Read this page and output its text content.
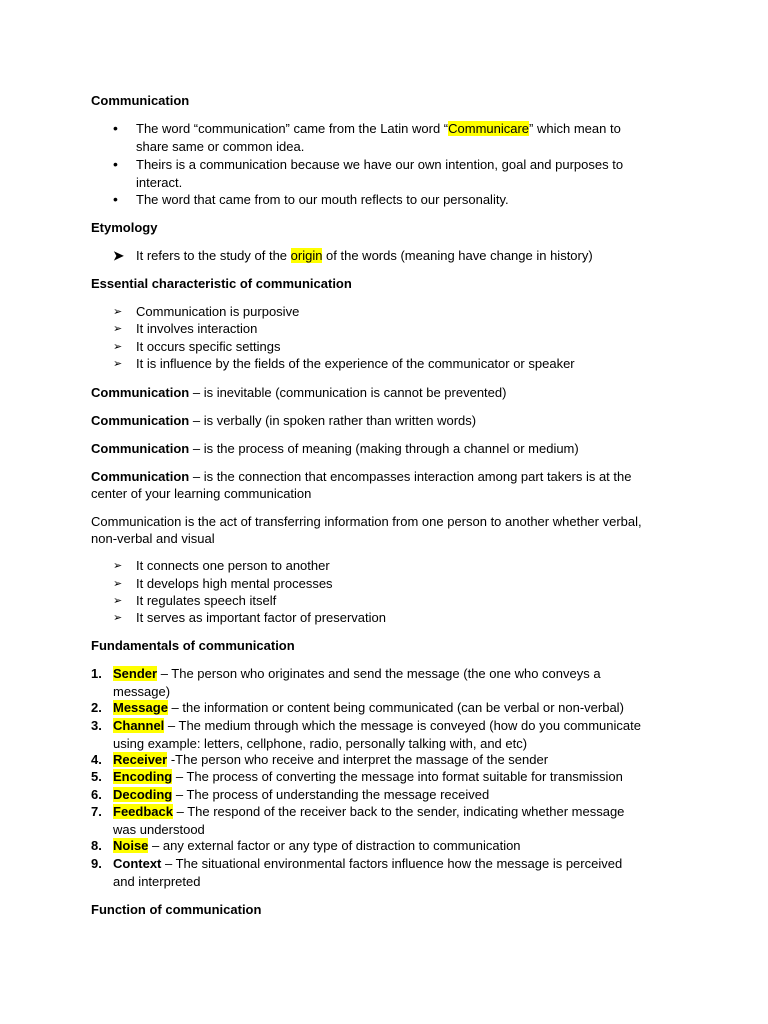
Communication
• The word “communication” came from the Latin word “Communicare” which mean to
share same or common idea.
• Theirs is a communication because we have our own intention, goal and purposes to
interact.
• The word that came from to our mouth reflects to our personality.
Etymology
➤ It refers to the study of the origin of the words (meaning have change in history)
Essential characteristic of communication
➢ Communication is purposive
➢ It involves interaction
➢ It occurs specific settings
➢ It is influence by the fields of the experience of the communicator or speaker
Communication – is inevitable (communication is cannot be prevented)
Communication – is verbally (in spoken rather than written words)
Communication – is the process of meaning (making through a channel or medium)
Communication – is the connection that encompasses interaction among part takers is at the
center of your learning communication
Communication is the act of transferring information from one person to another whether verbal,
non-verbal and visual
➢ It connects one person to another
➢ It develops high mental processes
➢ It regulates speech itself
➢ It serves as important factor of preservation
Fundamentals of communication
1. Sender – The person who originates and send the message (the one who conveys a
message)
2. Message – the information or content being communicated (can be verbal or non-verbal)
3. Channel – The medium through which the message is conveyed (how do you communicate
using example: letters, cellphone, radio, personally talking with, and etc)
4. Receiver -The person who receive and interpret the massage of the sender
5. Encoding – The process of converting the message into format suitable for transmission
6. Decoding – The process of understanding the message received
7. Feedback – The respond of the receiver back to the sender, indicating whether message
was understood
8. Noise – any external factor or any type of distraction to communication
9. Context – The situational environmental factors influence how the message is perceived
and interpreted
Function of communication
